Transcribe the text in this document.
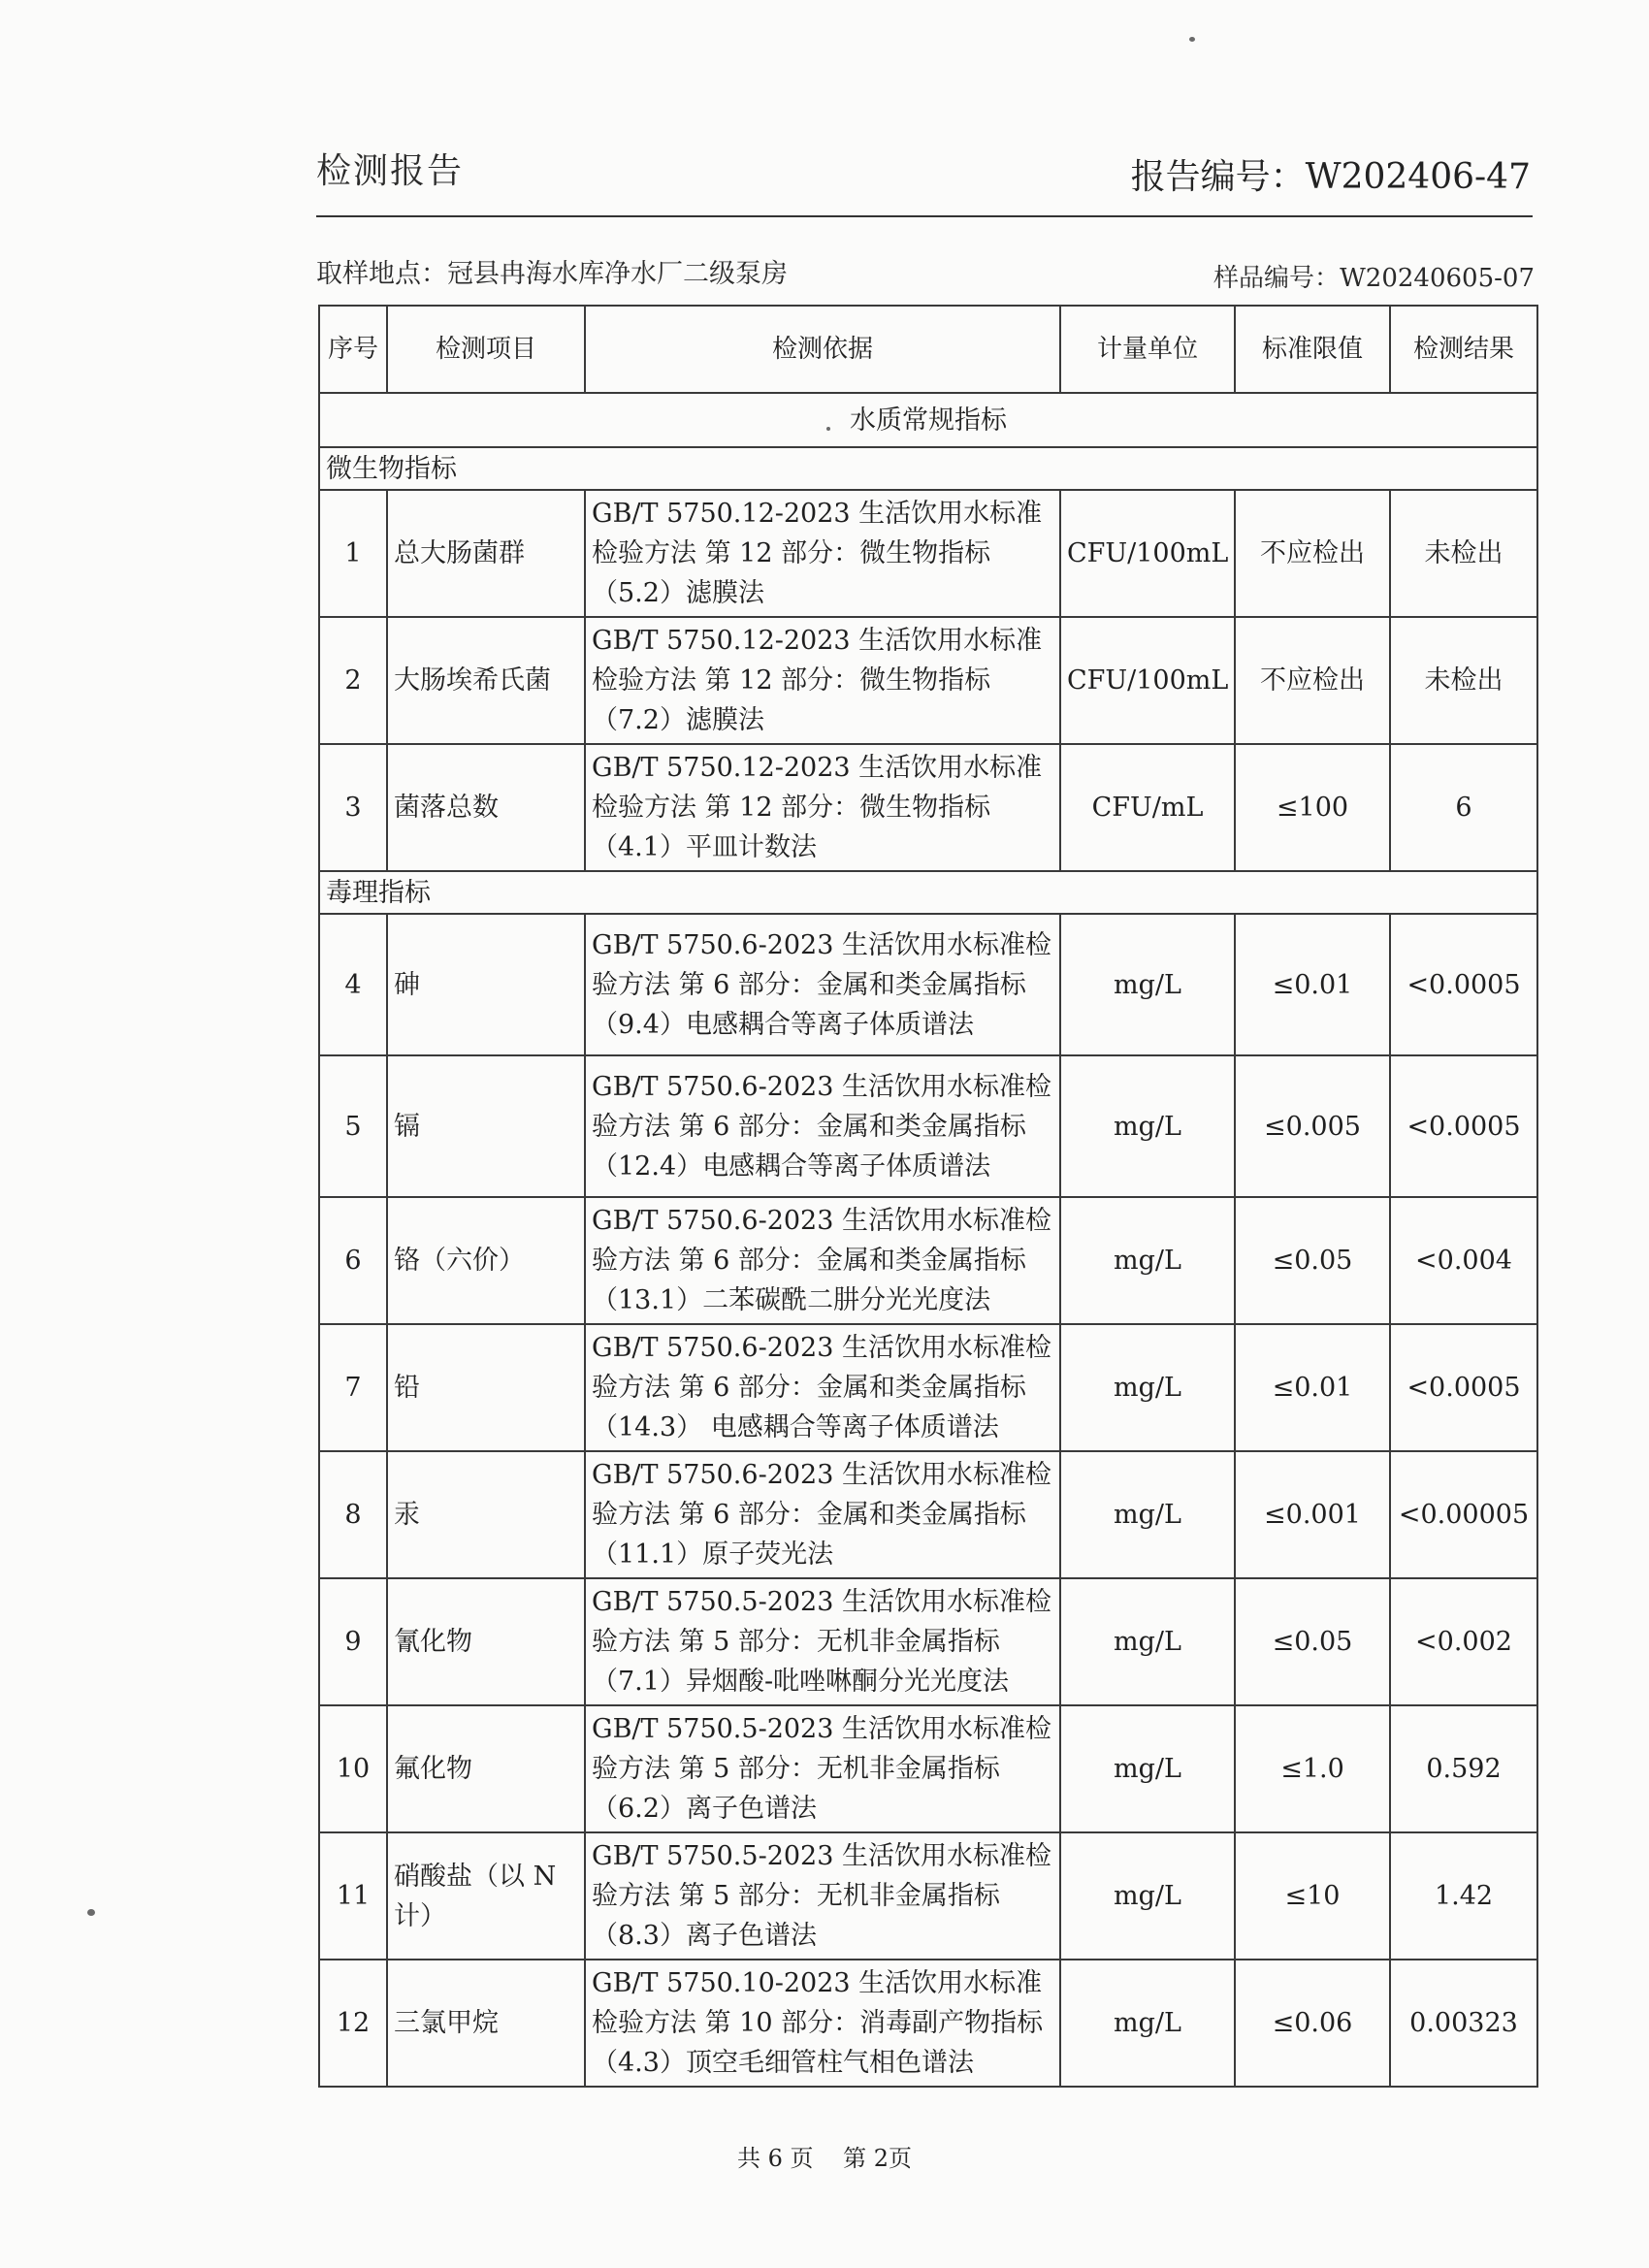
检测报告	报告编号：W202406-47
取样地点：冠县冉海水库净水厂二级泵房	样品编号：W20240605-07
序号	检测项目	检测依据	计量单位	标准限值	检测结果
水质常规指标					
微生物指标					
1	总大肠菌群	GB/T 5750.12-2023 生活饮用水标准检验方法 第 12 部分：微生物指标（5.2）滤膜法	CFU/100mL	不应检出	未检出
2	大肠埃希氏菌	GB/T 5750.12-2023 生活饮用水标准检验方法 第 12 部分：微生物指标（7.2）滤膜法	CFU/100mL	不应检出	未检出
3	菌落总数	GB/T 5750.12-2023 生活饮用水标准检验方法 第 12 部分：微生物指标（4.1）平皿计数法	CFU/mL	≤100	6
毒理指标					
4	砷	GB/T 5750.6-2023 生活饮用水标准检验方法 第 6 部分：金属和类金属指标（9.4）电感耦合等离子体质谱法	mg/L	≤0.01	<0.0005
5	镉	GB/T 5750.6-2023 生活饮用水标准检验方法 第 6 部分：金属和类金属指标（12.4）电感耦合等离子体质谱法	mg/L	≤0.005	<0.0005
6	铬（六价）	GB/T 5750.6-2023 生活饮用水标准检验方法 第 6 部分：金属和类金属指标（13.1）二苯碳酰二肼分光光度法	mg/L	≤0.05	<0.004
7	铅	GB/T 5750.6-2023 生活饮用水标准检验方法 第 6 部分：金属和类金属指标（14.3） 电感耦合等离子体质谱法	mg/L	≤0.01	<0.0005
8	汞	GB/T 5750.6-2023 生活饮用水标准检验方法 第 6 部分：金属和类金属指标（11.1）原子荧光法	mg/L	≤0.001	<0.00005
9	氰化物	GB/T 5750.5-2023 生活饮用水标准检验方法 第 5 部分：无机非金属指标（7.1）异烟酸-吡唑啉酮分光光度法	mg/L	≤0.05	<0.002
10	氟化物	GB/T 5750.5-2023 生活饮用水标准检验方法 第 5 部分：无机非金属指标（6.2）离子色谱法	mg/L	≤1.0	0.592
11	硝酸盐（以 N 计）	GB/T 5750.5-2023 生活饮用水标准检验方法 第 5 部分：无机非金属指标（8.3）离子色谱法	mg/L	≤10	1.42
12	三氯甲烷	GB/T 5750.10-2023 生活饮用水标准检验方法 第 10 部分：消毒副产物指标（4.3）顶空毛细管柱气相色谱法	mg/L	≤0.06	0.00323
共 6 页 第 2页
